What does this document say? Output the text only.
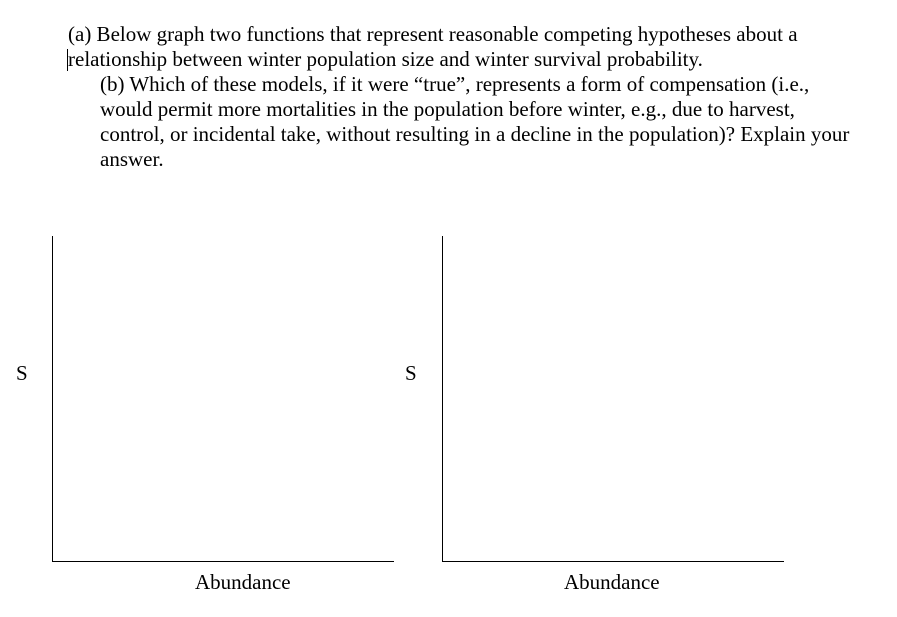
(a) Below graph two functions that represent reasonable competing hypotheses about a relationship between winter population size and winter survival probability.

(b) Which of these models, if it were “true”, represents a form of compensation (i.e., would permit more mortalities in the population before winter, e.g., due to harvest, control, or incidental take, without resulting in a decline in the population)? Explain your answer.

S
Abundance
S
Abundance
